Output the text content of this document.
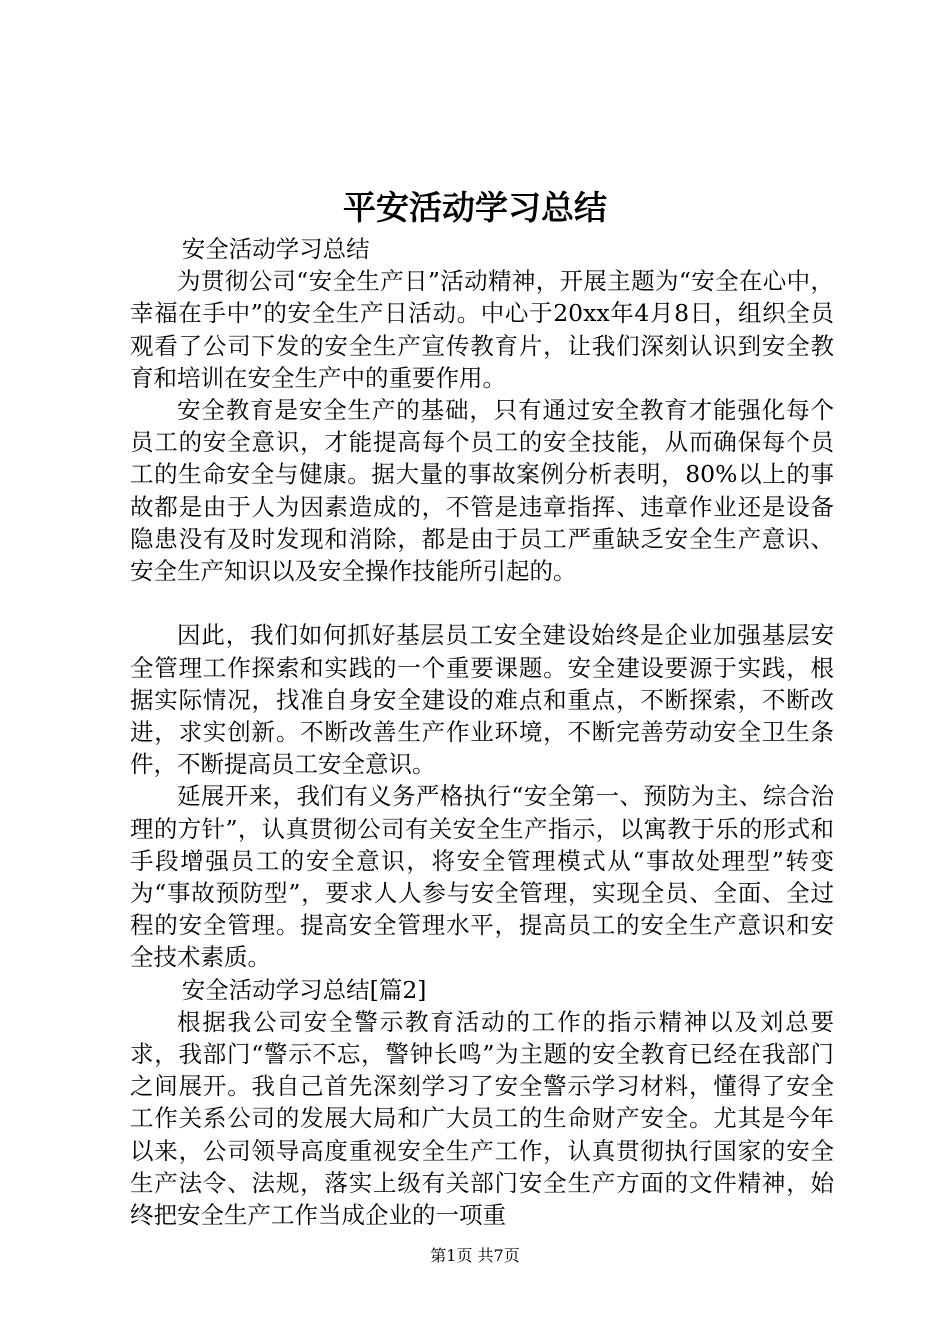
平安活动学习总结

安全活动学习总结

为贯彻公司“安全生产日”活动精神，开展主题为“安全在心中，幸福在手中”的安全生产日活动。中心于20xx年4月8日，组织全员观看了公司下发的安全生产宣传教育片，让我们深刻认识到安全教育和培训在安全生产中的重要作用。

安全教育是安全生产的基础，只有通过安全教育才能强化每个员工的安全意识，才能提高每个员工的安全技能，从而确保每个员工的生命安全与健康。据大量的事故案例分析表明，80%以上的事故都是由于人为因素造成的，不管是违章指挥、违章作业还是设备隐患没有及时发现和消除，都是由于员工严重缺乏安全生产意识、安全生产知识以及安全操作技能所引起的。

因此，我们如何抓好基层员工安全建设始终是企业加强基层安全管理工作探索和实践的一个重要课题。安全建设要源于实践，根据实际情况，找准自身安全建设的难点和重点，不断探索，不断改进，求实创新。不断改善生产作业环境，不断完善劳动安全卫生条件，不断提高员工安全意识。

延展开来，我们有义务严格执行“安全第一、预防为主、综合治理的方针”，认真贯彻公司有关安全生产指示，以寓教于乐的形式和手段增强员工的安全意识，将安全管理模式从“事故处理型”转变为“事故预防型”，要求人人参与安全管理，实现全员、全面、全过程的安全管理。提高安全管理水平，提高员工的安全生产意识和安全技术素质。

安全活动学习总结[篇2]

根据我公司安全警示教育活动的工作的指示精神以及刘总要求，我部门“警示不忘，警钟长鸣”为主题的安全教育已经在我部门之间展开。我自己首先深刻学习了安全警示学习材料，懂得了安全工作关系公司的发展大局和广大员工的生命财产安全。尤其是今年以来，公司领导高度重视安全生产工作，认真贯彻执行国家的安全生产法令、法规，落实上级有关部门安全生产方面的文件精神，始终把安全生产工作当成企业的一项重

第1页 共7页
